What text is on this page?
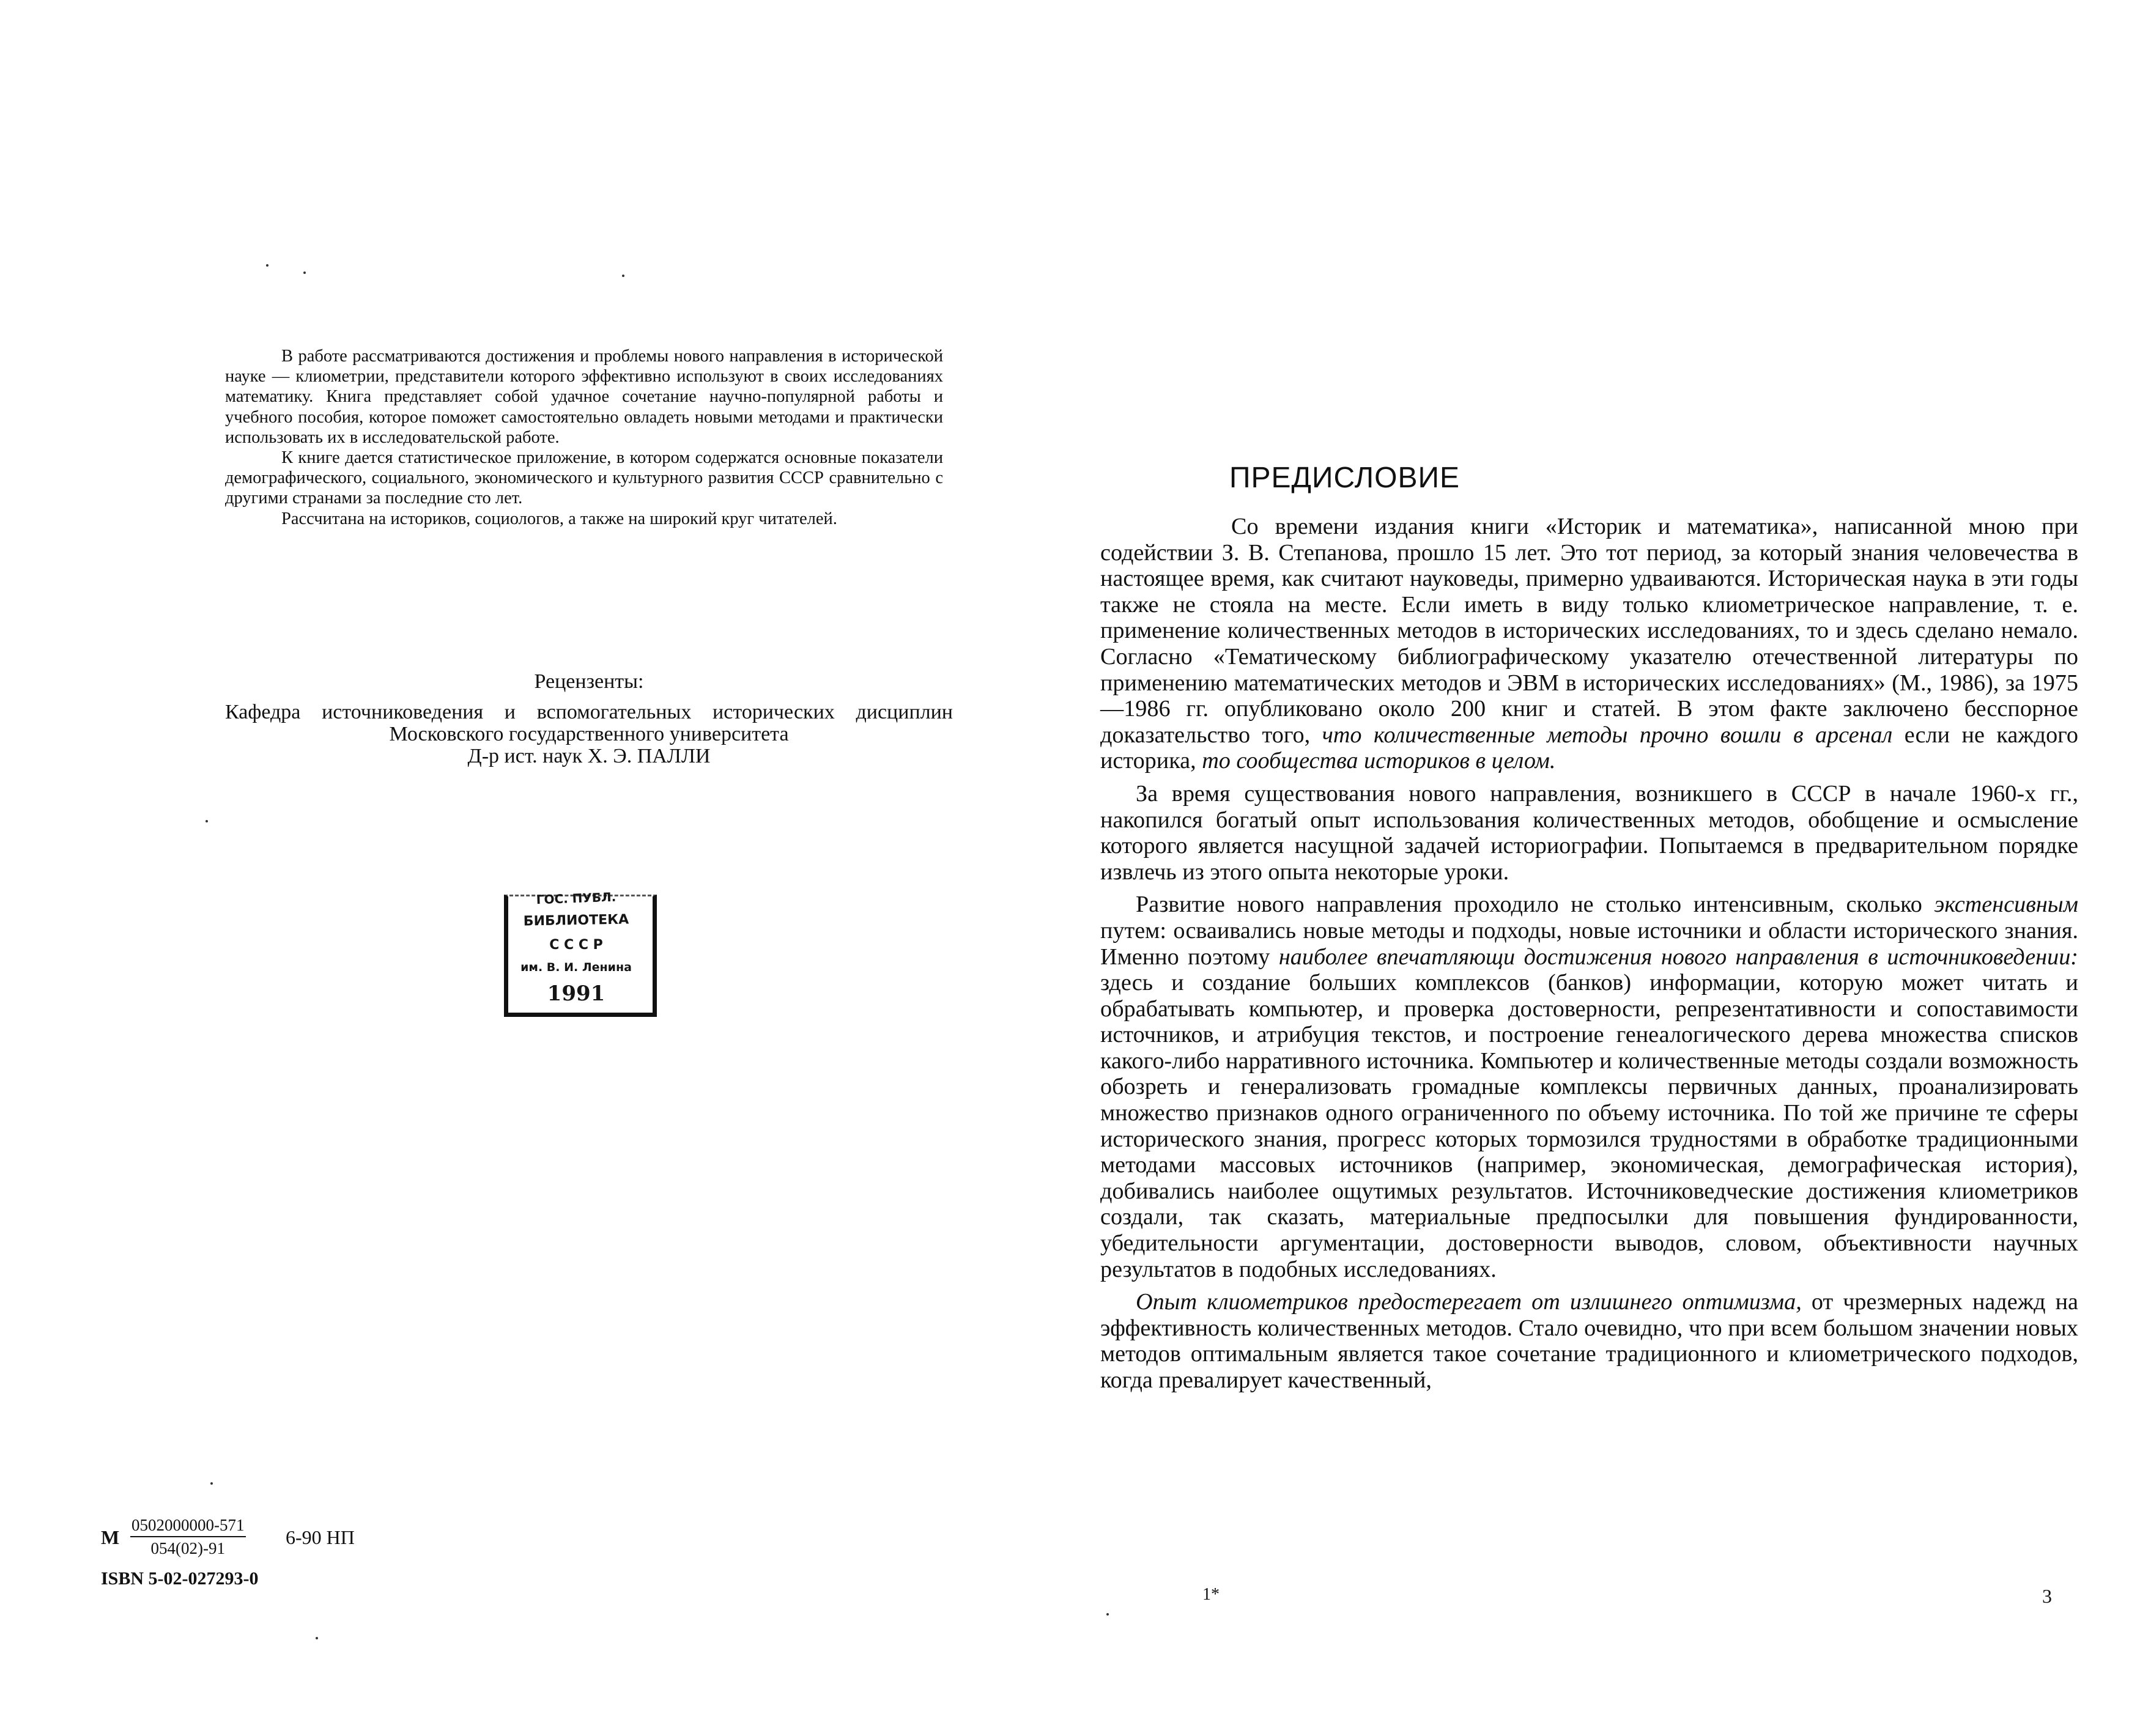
В работе рассматриваются достижения и проблемы нового направления в исторической науке — клиометрии, представители которого эффективно используют в своих исследованиях математику. Книга представляет собой удачное сочетание научно-популярной работы и учебного пособия, которое поможет самостоятельно овладеть новыми методами и практически использовать их в исследовательской работе.

К книге дается статистическое приложение, в котором содержатся основные показатели демографического, социального, экономического и культурного развития СССР сравнительно с другими странами за последние сто лет.

Рассчитана на историков, социологов, а также на широкий круг читателей.

Рецензенты:
Кафедра источниковедения и вспомогательных исторических дисциплин Московского государственного университета
Д-р ист. наук Х. Э. ПАЛЛИ
ГОС. ПУБЛ.
БИБЛИОТЕКА
С С С Р
им. В. И. Ленина
1991
М $\frac{0502000000-571}{054(02)-91} 6-90$ НП
ISBN 5-02-027293-0
ПРЕДИСЛОВИЕ

Со времени издания книги «Историк и математика», написанной мною при содействии З. В. Степанова, прошло 15 лет. Это тот период, за который знания человечества в настоящее время, как считают науковеды, примерно удваиваются. Историческая наука в эти годы также не стояла на месте. Если иметь в виду только клиометрическое направление, т. е. применение количественных методов в исторических исследованиях, то и здесь сделано немало. Согласно «Тематическому библиографическому указателю отечественной литературы по применению математических методов и ЭВМ в исторических исследованиях» (М., 1986), за 1975—1986 гг. опубликовано около 200 книг и статей. В этом факте заключено бесспорное доказательство того, что количественные методы прочно вошли в арсенал если не каждого историка, то сообщества историков в целом.

За время существования нового направления, возникшего в СССР в начале 1960-х гг., накопился богатый опыт использования количественных методов, обобщение и осмысление которого является насущной задачей историографии. Попытаемся в предварительном порядке извлечь из этого опыта некоторые уроки.

Развитие нового направления проходило не столько интенсивным, сколько экстенсивным путем: осваивались новые методы и подходы, новые источники и области исторического знания. Именно поэтому наиболее впечатляющи достижения нового направления в источниковедении: здесь и создание больших комплексов (банков) информации, которую может читать и обрабатывать компьютер, и проверка достоверности, репрезентативности и сопоставимости источников, и атрибуция текстов, и построение генеалогического дерева множества списков какого-либо нарративного источника. Компьютер и количественные методы создали возможность обозреть и генерализовать громадные комплексы первичных данных, проанализировать множество признаков одного ограниченного по объему источника. По той же причине те сферы исторического знания, прогресс которых тормозился трудностями в обработке традиционными методами массовых источников (например, экономическая, демографическая история), добивались наиболее ощутимых результатов. Источниковедческие достижения клиометриков создали, так сказать, материальные предпосылки для повышения фундированности, убедительности аргументации, достоверности выводов, словом, объективности научных результатов в подобных исследованиях.

Опыт клиометриков предостерегает от излишнего оптимизма, от чрезмерных надежд на эффективность количественных методов. Стало очевидно, что при всем большом значении новых методов оптимальным является такое сочетание традиционного и клиометрического подходов, когда превалирует качественный,

1*	3
